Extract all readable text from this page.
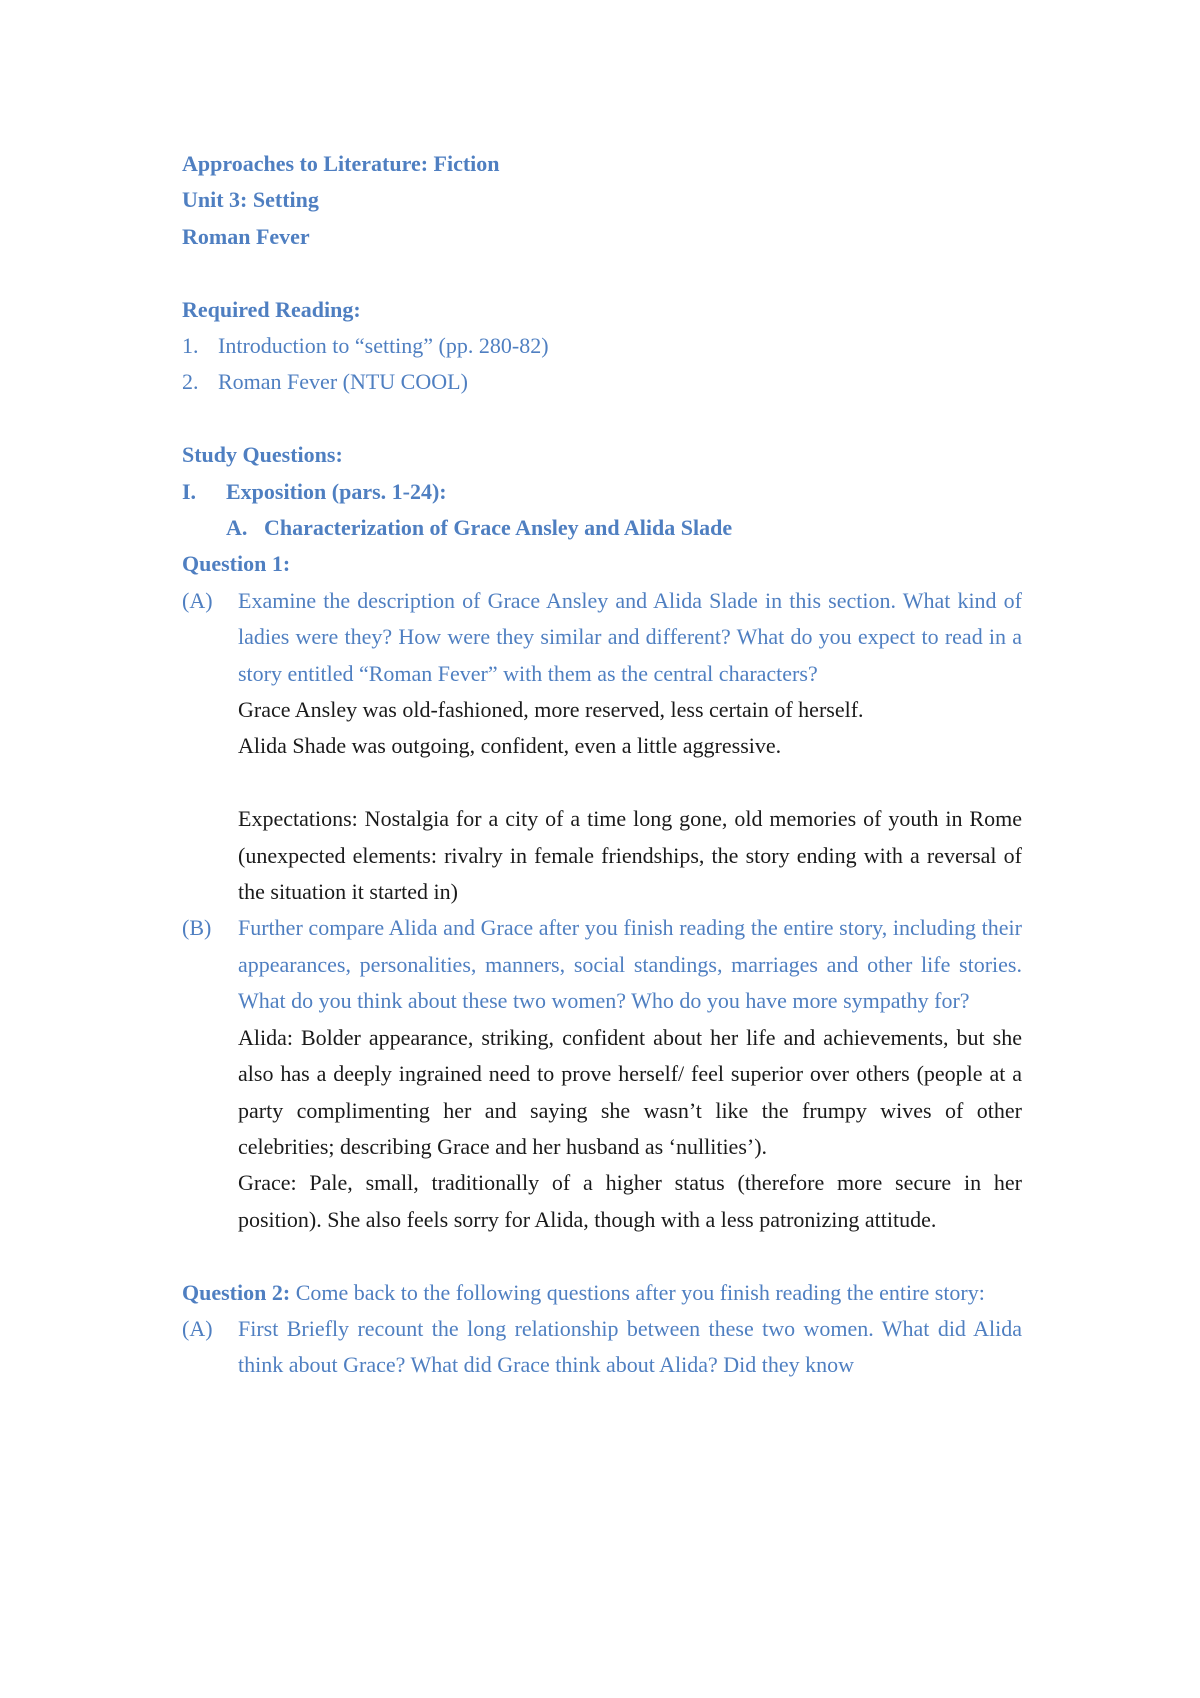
Approaches to Literature: Fiction
Unit 3: Setting
Roman Fever
Required Reading:
1. Introduction to “setting” (pp. 280-82)
2. Roman Fever (NTU COOL)
Study Questions:
I.	Exposition (pars. 1-24):
A. Characterization of Grace Ansley and Alida Slade
Question 1:
(A)	Examine the description of Grace Ansley and Alida Slade in this section. What kind of ladies were they? How were they similar and different? What do you expect to read in a story entitled “Roman Fever” with them as the central characters?

Grace Ansley was old-fashioned, more reserved, less certain of herself.

Alida Shade was outgoing, confident, even a little aggressive.

Expectations: Nostalgia for a city of a time long gone, old memories of youth in Rome (unexpected elements: rivalry in female friendships, the story ending with a reversal of the situation it started in)

(B)	Further compare Alida and Grace after you finish reading the entire story, including their appearances, personalities, manners, social standings, marriages and other life stories. What do you think about these two women? Who do you have more sympathy for?

Alida: Bolder appearance, striking, confident about her life and achievements, but she also has a deeply ingrained need to prove herself/ feel superior over others (people at a party complimenting her and saying she wasn’t like the frumpy wives of other celebrities; describing Grace and her husband as ‘nullities’).

Grace: Pale, small, traditionally of a higher status (therefore more secure in her position). She also feels sorry for Alida, though with a less patronizing attitude.

Question 2: Come back to the following questions after you finish reading the entire story:

(A)	First Briefly recount the long relationship between these two women. What did Alida think about Grace? What did Grace think about Alida? Did they know
